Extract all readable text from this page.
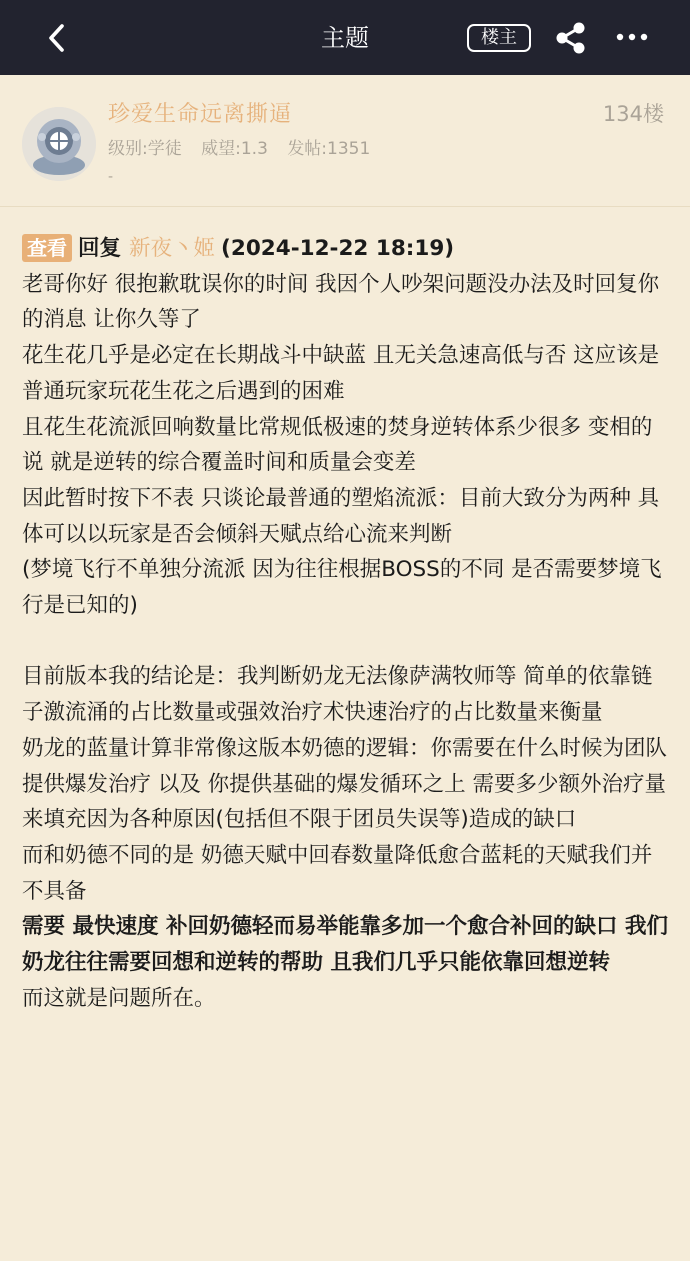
主题	楼主
珍爱生命远离撕逼	134楼
级别:学徒 威望:1.3 发帖:1351
-
查看 回复 新夜丶姬 (2024-12-22 18:19)

老哥你好 很抱歉耽误你的时间 我因个人吵架问题没办法及时回复你的消息 让你久等了

花生花几乎是必定在长期战斗中缺蓝 且无关急速高低与否 这应该是普通玩家玩花生花之后遇到的困难

且花生花流派回响数量比常规低极速的焚身逆转体系少很多 变相的说 就是逆转的综合覆盖时间和质量会变差

因此暂时按下不表 只谈论最普通的塑焰流派：目前大致分为两种 具体可以以玩家是否会倾斜天赋点给心流来判断

(梦境飞行不单独分流派 因为往往根据BOSS的不同 是否需要梦境飞行是已知的)

目前版本我的结论是：我判断奶龙无法像萨满牧师等 简单的依靠链子激流涌的占比数量或强效治疗术快速治疗的占比数量来衡量

奶龙的蓝量计算非常像这版本奶德的逻辑：你需要在什么时候为团队提供爆发治疗 以及 你提供基础的爆发循环之上 需要多少额外治疗量来填充因为各种原因(包括但不限于团员失误等)造成的缺口

而和奶德不同的是 奶德天赋中回春数量降低愈合蓝耗的天赋我们并不具备

需要 最快速度 补回奶德轻而易举能靠多加一个愈合补回的缺口 我们奶龙往往需要回想和逆转的帮助 且我们几乎只能依靠回想逆转

而这就是问题所在。
